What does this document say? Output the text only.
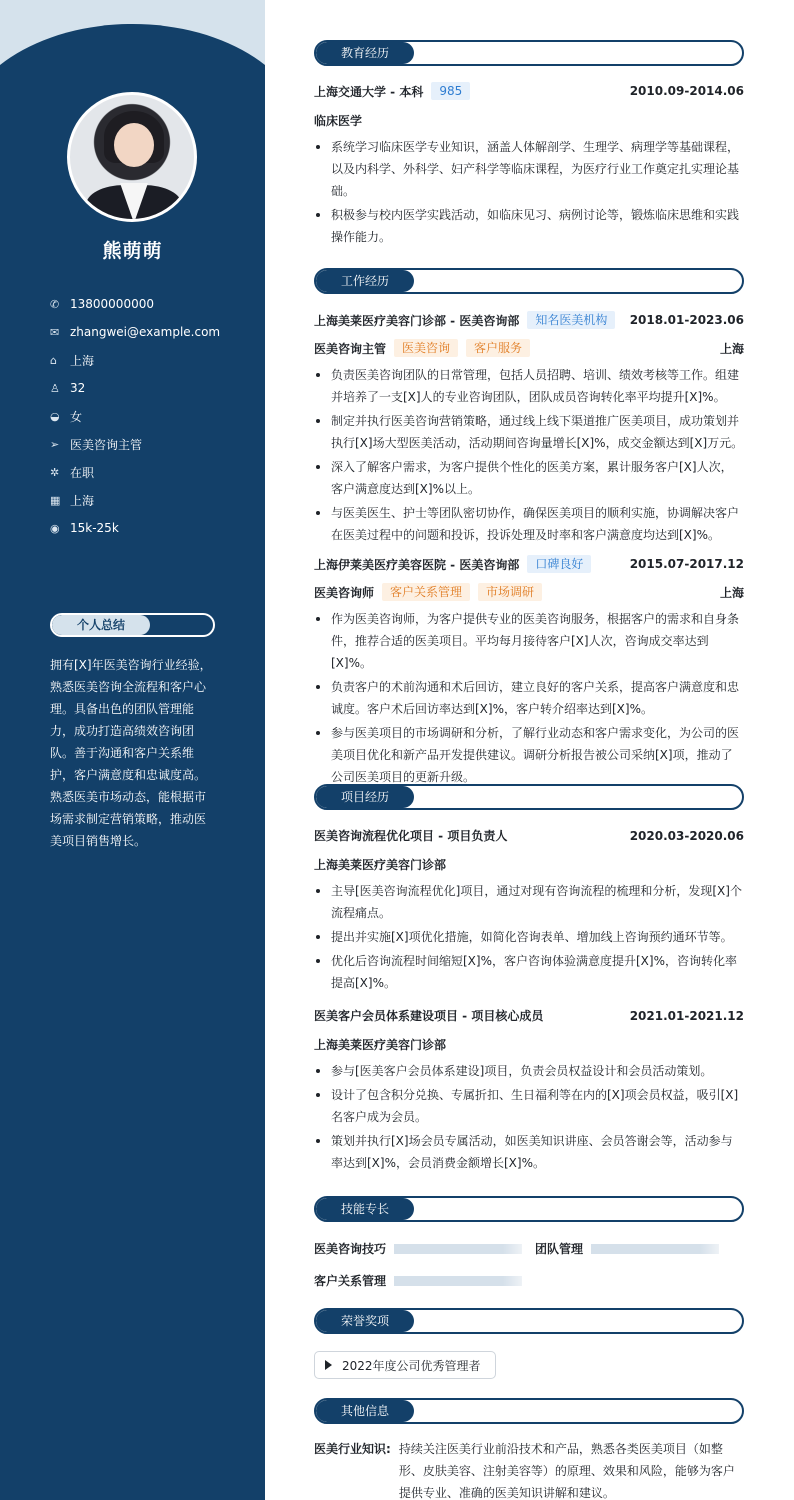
熊萌萌
✆ 13800000000
✉ zhangwei@example.com
⌂	上海
♙ 32
◒ 女
➢ 医美咨询主管
✲ 在职
▦ 上海
◉ 15k-25k
个人总结
拥有[X]年医美咨询行业经验，熟悉医美咨询全流程和客户心理。具备出色的团队管理能力，成功打造高绩效咨询团队。善于沟通和客户关系维护，客户满意度和忠诚度高。熟悉医美市场动态，能根据市场需求制定营销策略，推动医美项目销售增长。
教育经历
上海交通大学 - 本科	985	2010.09-2014.06
临床医学
系统学习临床医学专业知识，涵盖人体解剖学、生理学、病理学等基础课程，以及内科学、外科学、妇产科学等临床课程，为医疗行业工作奠定扎实理论基础。
积极参与校内医学实践活动，如临床见习、病例讨论等，锻炼临床思维和实践操作能力。
工作经历
上海美莱医疗美容门诊部 - 医美咨询部	知名医美机构	2018.01-2023.06
医美咨询主管	医美咨询	客户服务	上海
负责医美咨询团队的日常管理，包括人员招聘、培训、绩效考核等工作。组建并培养了一支[X]人的专业咨询团队，团队成员咨询转化率平均提升[X]%。
制定并执行医美咨询营销策略，通过线上线下渠道推广医美项目，成功策划并执行[X]场大型医美活动，活动期间咨询量增长[X]%，成交金额达到[X]万元。
深入了解客户需求，为客户提供个性化的医美方案，累计服务客户[X]人次，客户满意度达到[X]%以上。
与医美医生、护士等团队密切协作，确保医美项目的顺利实施，协调解决客户在医美过程中的问题和投诉，投诉处理及时率和客户满意度均达到[X]%。
上海伊莱美医疗美容医院 - 医美咨询部	口碑良好	2015.07-2017.12
医美咨询师	客户关系管理	市场调研	上海
作为医美咨询师，为客户提供专业的医美咨询服务，根据客户的需求和自身条件，推荐合适的医美项目。平均每月接待客户[X]人次，咨询成交率达到[X]%。
负责客户的术前沟通和术后回访，建立良好的客户关系，提高客户满意度和忠诚度。客户术后回访率达到[X]%，客户转介绍率达到[X]%。
参与医美项目的市场调研和分析，了解行业动态和客户需求变化，为公司的医美项目优化和新产品开发提供建议。调研分析报告被公司采纳[X]项，推动了公司医美项目的更新升级。
项目经历
医美咨询流程优化项目 - 项目负责人	2020.03-2020.06
上海美莱医疗美容门诊部
主导[医美咨询流程优化]项目，通过对现有咨询流程的梳理和分析，发现[X]个流程痛点。
提出并实施[X]项优化措施，如简化咨询表单、增加线上咨询预约通环节等。
优化后咨询流程时间缩短[X]%，客户咨询体验满意度提升[X]%，咨询转化率提高[X]%。
医美客户会员体系建设项目 - 项目核心成员	2021.01-2021.12
上海美莱医疗美容门诊部
参与[医美客户会员体系建设]项目，负责会员权益设计和会员活动策划。
设计了包含积分兑换、专属折扣、生日福利等在内的[X]项会员权益，吸引[X]名客户成为会员。
策划并执行[X]场会员专属活动，如医美知识讲座、会员答谢会等，活动参与率达到[X]%，会员消费金额增长[X]%。
技能专长
医美咨询技巧	团队管理
客户关系管理
荣誉奖项
2022年度公司优秀管理者
其他信息
医美行业知识: 持续关注医美行业前沿技术和产品，熟悉各类医美项目（如整形、皮肤美容、注射美容等）的原理、效果和风险，能够为客户提供专业、准确的医美知识讲解和建议。
